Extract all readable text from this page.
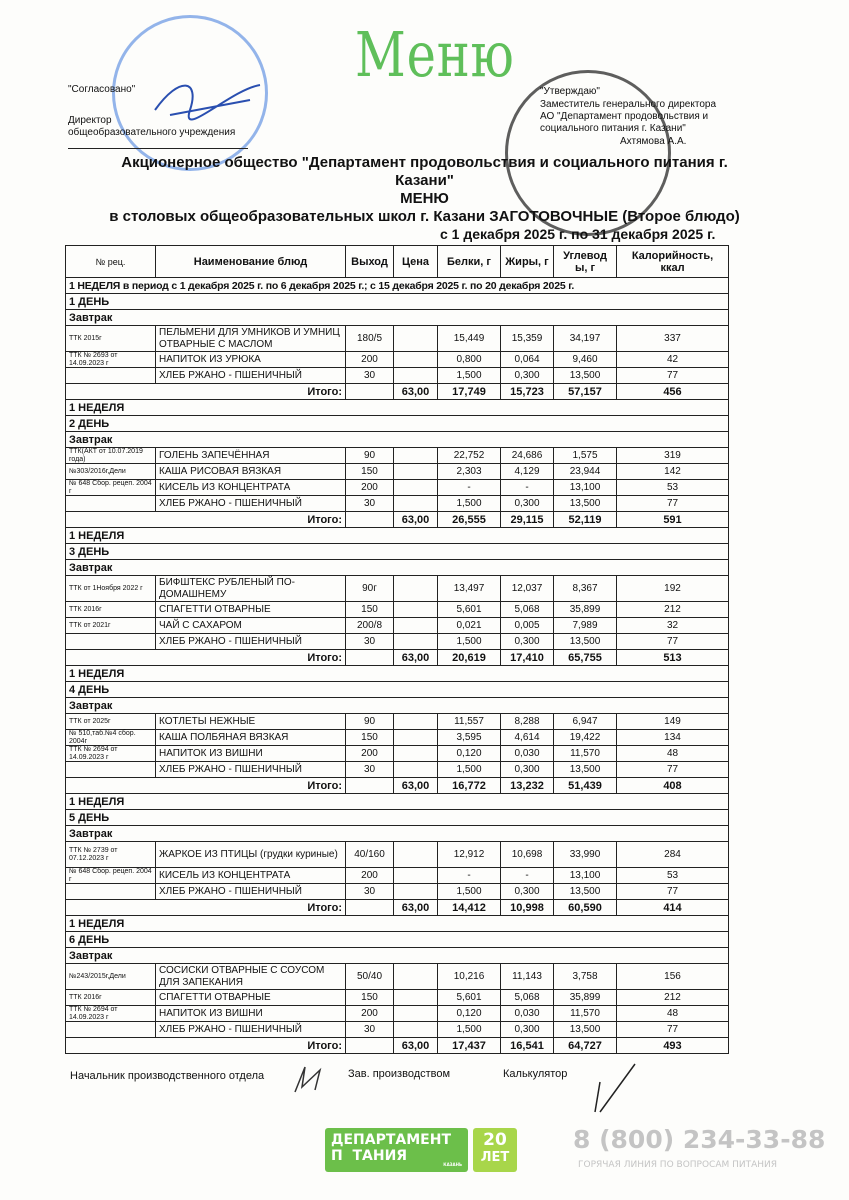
Меню
"Согласовано"
Директор
общеобразовательного учреждения
"Утверждаю"
Заместитель генерального директора
АО "Департамент продовольствия и
социального питания г. Казани"
Ахтямова А.А.
Акционерное общество "Департамент продовольствия и социального питания г.
Казани"
МЕНЮ
в столовых общеобразовательных школ г. Казани ЗАГОТОВОЧНЫЕ (Второе блюдо)
с 1 декабря 2025 г. по 31 декабря 2025 г.
№ рец.	Наименование блюд	Выход	Цена	Белки, г	Жиры, г	Углевод ы, г	Калорийность, ккал
1 НЕДЕЛЯ в период с 1 декабря 2025 г. по 6 декабря 2025 г.; с 15 декабря 2025 г. по 20 декабря 2025 г.							
1 ДЕНЬ							
Завтрак							
ТТК 2015г	ПЕЛЬМЕНИ ДЛЯ УМНИКОВ И УМНИЦ ОТВАРНЫЕ С МАСЛОМ	180/5		15,449	15,359	34,197	337
ТТК № 2693 от 14.09.2023 г	НАПИТОК ИЗ УРЮКА	200		0,800	0,064	9,460	42
	ХЛЕБ РЖАНО - ПШЕНИЧНЫЙ	30		1,500	0,300	13,500	77
Итого:			63,00	17,749	15,723	57,157	456
1 НЕДЕЛЯ							
2 ДЕНЬ							
Завтрак							
ТТК(АКТ от 10.07.2019 года)	ГОЛЕНЬ ЗАПЕЧЁННАЯ	90		22,752	24,686	1,575	319
№303/2016г,Дели	КАША РИСОВАЯ ВЯЗКАЯ	150		2,303	4,129	23,944	142
№ 648 Сбор. рецеп. 2004 г	КИСЕЛЬ ИЗ КОНЦЕНТРАТА	200		-	-	13,100	53
	ХЛЕБ РЖАНО - ПШЕНИЧНЫЙ	30		1,500	0,300	13,500	77
Итого:			63,00	26,555	29,115	52,119	591
1 НЕДЕЛЯ							
3 ДЕНЬ							
Завтрак							
ТТК от 1Ноября 2022 г	БИФШТЕКС РУБЛЕНЫЙ ПО-ДОМАШНЕМУ	90г		13,497	12,037	8,367	192
ТТК 2016г	СПАГЕТТИ ОТВАРНЫЕ	150		5,601	5,068	35,899	212
ТТК от 2021г	ЧАЙ С САХАРОМ	200/8		0,021	0,005	7,989	32
	ХЛЕБ РЖАНО - ПШЕНИЧНЫЙ	30		1,500	0,300	13,500	77
Итого:			63,00	20,619	17,410	65,755	513
1 НЕДЕЛЯ							
4 ДЕНЬ							
Завтрак							
ТТК от 2025г	КОТЛЕТЫ НЕЖНЫЕ	90		11,557	8,288	6,947	149
№ 510,таб.№4 сбор. 2004г	КАША ПОЛБЯНАЯ ВЯЗКАЯ	150		3,595	4,614	19,422	134
ТТК № 2694 от 14.09.2023 г	НАПИТОК ИЗ ВИШНИ	200		0,120	0,030	11,570	48
	ХЛЕБ РЖАНО - ПШЕНИЧНЫЙ	30		1,500	0,300	13,500	77
Итого:			63,00	16,772	13,232	51,439	408
1 НЕДЕЛЯ							
5 ДЕНЬ							
Завтрак							
ТТК № 2739 от 07.12.2023 г	ЖАРКОЕ ИЗ ПТИЦЫ (грудки куриные)	40/160		12,912	10,698	33,990	284
№ 648 Сбор. рецеп. 2004 г	КИСЕЛЬ ИЗ КОНЦЕНТРАТА	200		-	-	13,100	53
	ХЛЕБ РЖАНО - ПШЕНИЧНЫЙ	30		1,500	0,300	13,500	77
Итого:			63,00	14,412	10,998	60,590	414
1 НЕДЕЛЯ							
6 ДЕНЬ							
Завтрак							
№243/2015г,Дели	СОСИСКИ ОТВАРНЫЕ С СОУСОМ ДЛЯ ЗАПЕКАНИЯ	50/40		10,216	11,143	3,758	156
ТТК 2016г	СПАГЕТТИ ОТВАРНЫЕ	150		5,601	5,068	35,899	212
ТТК № 2694 от 14.09.2023 г	НАПИТОК ИЗ ВИШНИ	200		0,120	0,030	11,570	48
	ХЛЕБ РЖАНО - ПШЕНИЧНЫЙ	30		1,500	0,300	13,500	77
Итого:			63,00	17,437	16,541	64,727	493
Начальник производственного отдела	Зав. производством	Калькулятор
ДЕПАРТАМЕНТ
П  ТАНИЯ
КАЗАНЬ
20
ЛЕТ
8 (800) 234-33-88
ГОРЯЧАЯ ЛИНИЯ ПО ВОПРОСАМ ПИТАНИЯ
